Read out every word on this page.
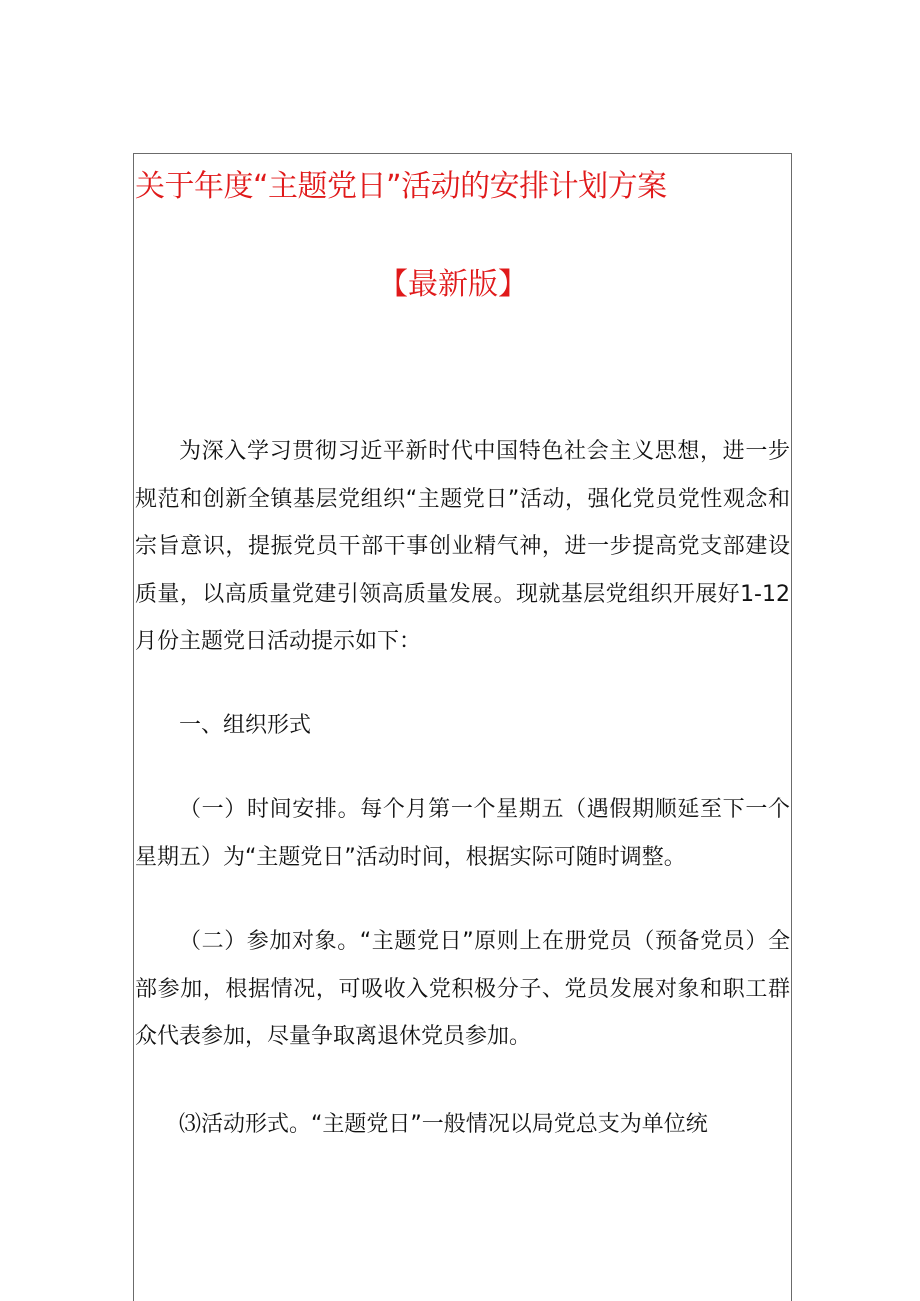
关于年度“主题党日”活动的安排计划方案
【最新版】

为深入学习贯彻习近平新时代中国特色社会主义思想，进一步规范和创新全镇基层党组织“主题党日”活动，强化党员党性观念和宗旨意识，提振党员干部干事创业精气神，进一步提高党支部建设质量，以高质量党建引领高质量发展。现就基层党组织开展好1-12月份主题党日活动提示如下：

一、组织形式

（一）时间安排。每个月第一个星期五（遇假期顺延至下一个星期五）为“主题党日”活动时间，根据实际可随时调整。

（二）参加对象。“主题党日”原则上在册党员（预备党员）全部参加，根据情况，可吸收入党积极分子、党员发展对象和职工群众代表参加，尽量争取离退休党员参加。

⑶活动形式。“主题党日”一般情况以局党总支为单位统
